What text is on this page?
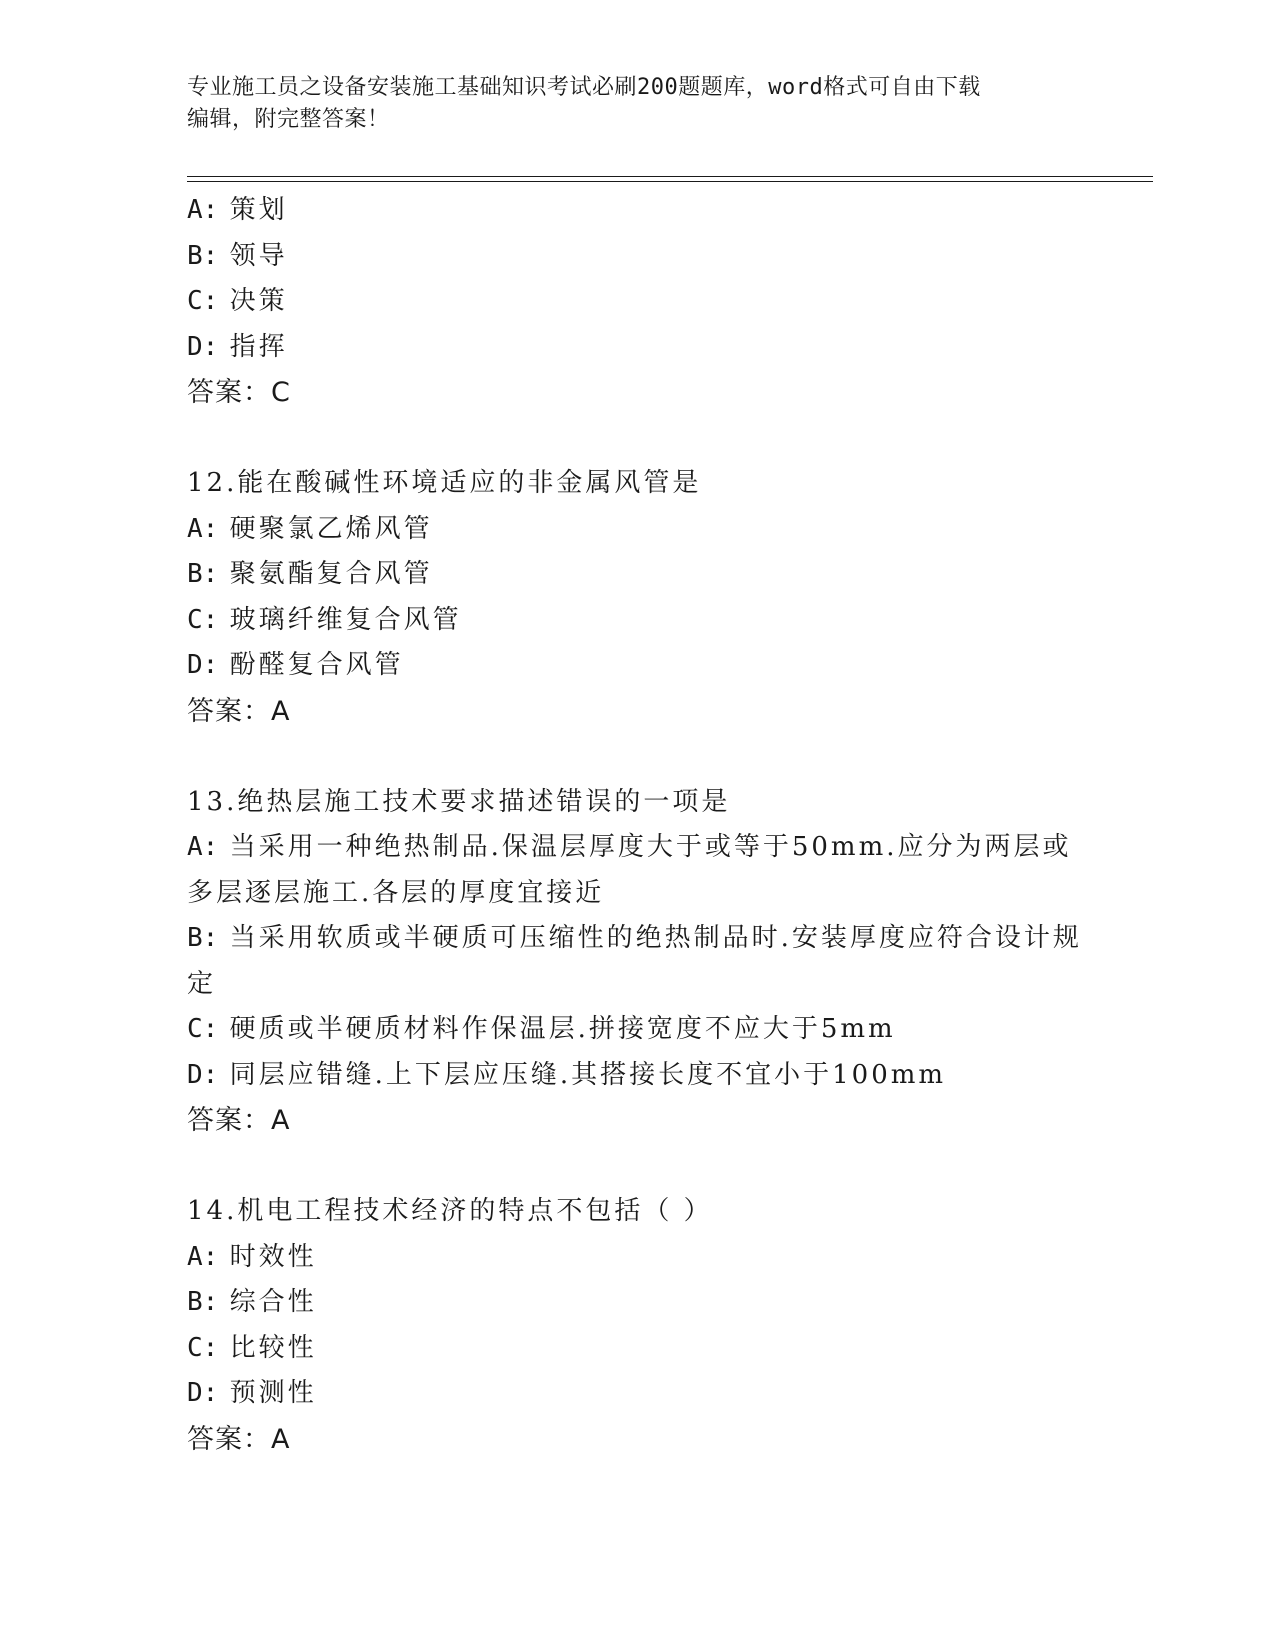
专业施工员之设备安装施工基础知识考试必刷200题题库，word格式可自由下载
编辑，附完整答案！
A: 策划
B: 领导
C: 决策
D: 指挥
答案：C
12.能在酸碱性环境适应的非金属风管是
A: 硬聚氯乙烯风管
B: 聚氨酯复合风管
C: 玻璃纤维复合风管
D: 酚醛复合风管
答案：A
13.绝热层施工技术要求描述错误的一项是
A: 当采用一种绝热制品.保温层厚度大于或等于50mm.应分为两层或多层逐层施工.各层的厚度宜接近
B: 当采用软质或半硬质可压缩性的绝热制品时.安装厚度应符合设计规定
C: 硬质或半硬质材料作保温层.拼接宽度不应大于5mm
D: 同层应错缝.上下层应压缝.其搭接长度不宜小于100mm
答案：A
14.机电工程技术经济的特点不包括（ ）
A: 时效性
B: 综合性
C: 比较性
D: 预测性
答案：A
